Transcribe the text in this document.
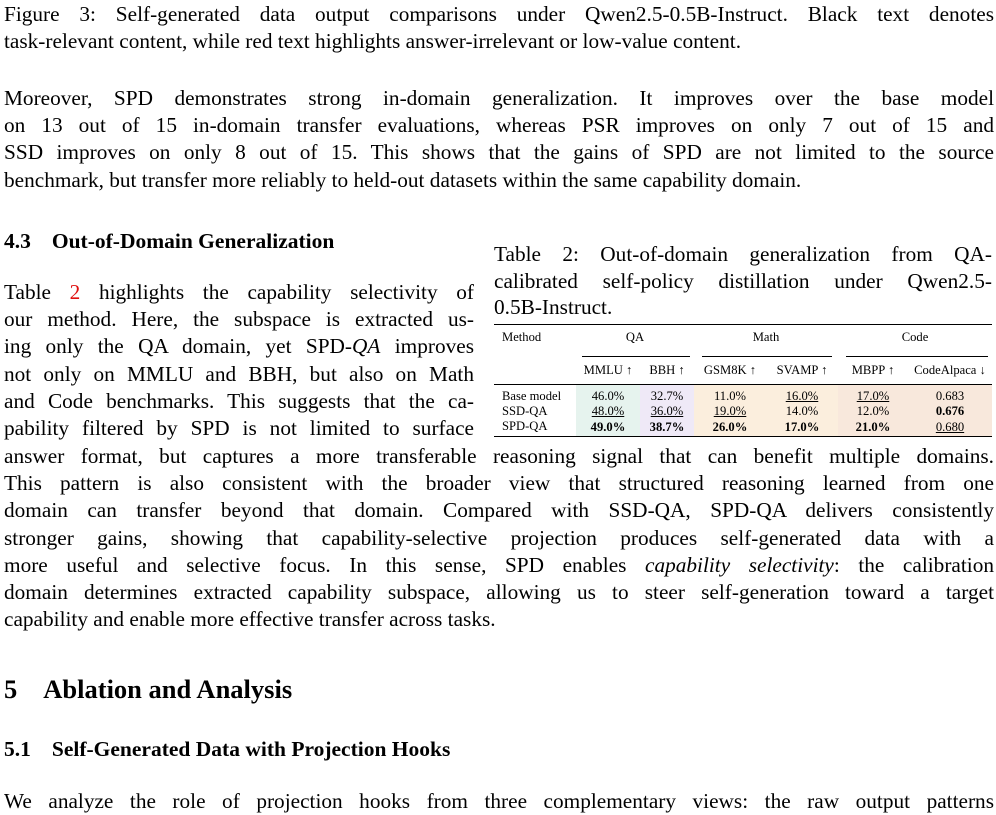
Figure 3: Self-generated data output comparisons under Qwen2.5-0.5B-Instruct. Black text denotes
task-relevant content, while red text highlights answer-irrelevant or low-value content.
Moreover, SPD demonstrates strong in-domain generalization. It improves over the base model
on 13 out of 15 in-domain transfer evaluations, whereas PSR improves on only 7 out of 15 and
SSD improves on only 8 out of 15. This shows that the gains of SPD are not limited to the source
benchmark, but transfer more reliably to held-out datasets within the same capability domain.
4.3 Out-of-Domain Generalization
Table 2 highlights the capability selectivity of
our method. Here, the subspace is extracted us-
ing only the QA domain, yet SPD-QA improves
not only on MMLU and BBH, but also on Math
and Code benchmarks. This suggests that the ca-
pability filtered by SPD is not limited to surface
answer format, but captures a more transferable reasoning signal that can benefit multiple domains.
This pattern is also consistent with the broader view that structured reasoning learned from one
domain can transfer beyond that domain. Compared with SSD-QA, SPD-QA delivers consistently
stronger gains, showing that capability-selective projection produces self-generated data with a
more useful and selective focus. In this sense, SPD enables capability selectivity: the calibration
domain determines extracted capability subspace, allowing us to steer self-generation toward a target
capability and enable more effective transfer across tasks.
Table 2: Out-of-domain generalization from QA-
calibrated self-policy distillation under Qwen2.5-
0.5B-Instruct.
Method	QA		Math		Code	

	MMLU ↑	BBH ↑	GSM8K ↑	SVAMP ↑	MBPP ↑	CodeAlpaca ↓

Base model	46.0%	32.7%	11.0%	16.0%	17.0%	0.683
SSD-QA	48.0%	36.0%	19.0%	14.0%	12.0%	0.676
SPD-QA	49.0%	38.7%	26.0%	17.0%	21.0%	0.680
5 Ablation and Analysis
5.1 Self-Generated Data with Projection Hooks
We analyze the role of projection hooks from three complementary views: the raw output patterns
